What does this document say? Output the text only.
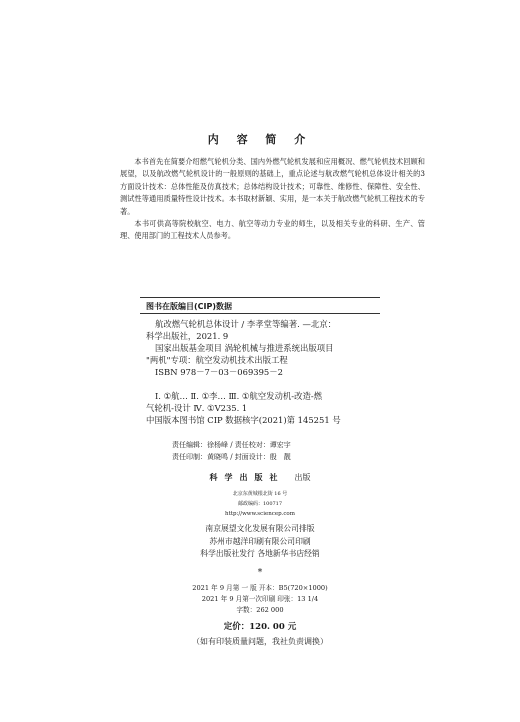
内 容 简 介

本书首先在简要介绍燃气轮机分类、国内外燃气轮机发展和应用概况、燃气轮机技术回顾和展望，以及航改燃气轮机设计的一般原则的基础上，重点论述与航改燃气轮机总体设计相关的3方面设计技术：总体性能及仿真技术；总体结构设计技术；可靠性、维修性、保障性、安全性、测试性等通用质量特性设计技术。本书取材新颖、实用，是一本关于航改燃气轮机工程技术的专著。

本书可供高等院校航空、电力、航空等动力专业的师生，以及相关专业的科研、生产、管理、使用部门的工程技术人员参考。

图书在版编目(CIP)数据
航改燃气轮机总体设计 / 李孝堂等编著. —北京：
科学出版社，2021. 9
国家出版基金项目 涡轮机械与推进系统出版项目
"两机"专项：航空发动机技术出版工程
ISBN 978－7－03－069395－2

Ⅰ. ①航… Ⅱ. ①李… Ⅲ. ①航空发动机-改造-燃
气轮机-设计 Ⅳ. ①V235. 1
中国版本图书馆 CIP 数据核字(2021)第 145251 号
责任编辑：徐杨峰 / 责任校对：谭宏宇
责任印制：黄晓鸣 / 封面设计：殷　靓
科学出版社 出版
北京东黄城根北街 16 号
邮政编码：100717
http://www.sciencep.com
南京展望文化发展有限公司排版
苏州市越洋印刷有限公司印刷
科学出版社发行 各地新华书店经销
*
2021 年 9 月第 一 版 开本：B5(720×1000)
2021 年 9 月第一次印刷 印张：13 1/4
字数：262 000
定价：120. 00 元
（如有印装质量问题，我社负责调换）
